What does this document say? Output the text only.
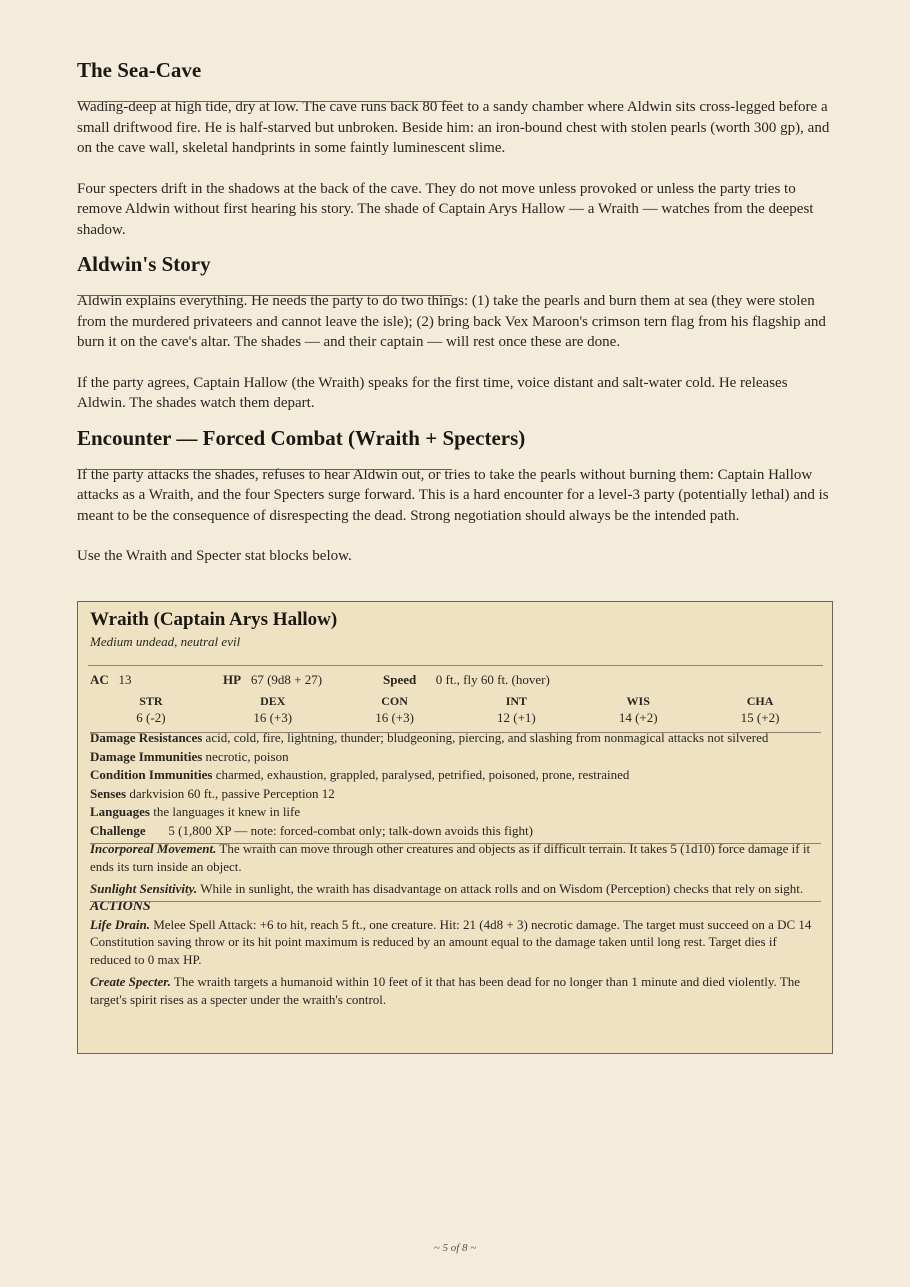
The Sea-Cave

Wading-deep at high tide, dry at low. The cave runs back 80 feet to a sandy chamber where Aldwin sits cross-legged before a small driftwood fire. He is half-starved but unbroken. Beside him: an iron-bound chest with stolen pearls (worth 300 gp), and on the cave wall, skeletal handprints in some faintly luminescent slime.

Four specters drift in the shadows at the back of the cave. They do not move unless provoked or unless the party tries to remove Aldwin without first hearing his story. The shade of Captain Arys Hallow — a Wraith — watches from the deepest shadow.

Aldwin's Story

Aldwin explains everything. He needs the party to do two things: (1) take the pearls and burn them at sea (they were stolen from the murdered privateers and cannot leave the isle); (2) bring back Vex Maroon's crimson tern flag from his flagship and burn it on the cave's altar. The shades — and their captain — will rest once these are done.

If the party agrees, Captain Hallow (the Wraith) speaks for the first time, voice distant and salt-water cold. He releases Aldwin. The shades watch them depart.

Encounter — Forced Combat (Wraith + Specters)

If the party attacks the shades, refuses to hear Aldwin out, or tries to take the pearls without burning them: Captain Hallow attacks as a Wraith, and the four Specters surge forward. This is a hard encounter for a level-3 party (potentially lethal) and is meant to be the consequence of disrespecting the dead. Strong negotiation should always be the intended path.

Use the Wraith and Specter stat blocks below.

Wraith (Captain Arys Hallow)

Medium undead, neutral evil

AC 13	HP 67 (9d8 + 27)	Speed 0 ft., fly 60 ft. (hover)
STR
6 (-2)
DEX
16 (+3)
CON
16 (+3)
INT
12 (+1)
WIS
14 (+2)
CHA
15 (+2)
Damage Resistances acid, cold, fire, lightning, thunder; bludgeoning, piercing, and slashing from nonmagical attacks not silvered
Damage Immunities necrotic, poison
Condition Immunities charmed, exhaustion, grappled, paralysed, petrified, poisoned, prone, restrained
Senses darkvision 60 ft., passive Perception 12
Languages the languages it knew in life
Challenge 5 (1,800 XP — note: forced-combat only; talk-down avoids this fight)

Incorporeal Movement. The wraith can move through other creatures and objects as if difficult terrain. It takes 5 (1d10) force damage if it ends its turn inside an object.

Sunlight Sensitivity. While in sunlight, the wraith has disadvantage on attack rolls and on Wisdom (Perception) checks that rely on sight.

ACTIONS

Life Drain. Melee Spell Attack: +6 to hit, reach 5 ft., one creature. Hit: 21 (4d8 + 3) necrotic damage. The target must succeed on a DC 14 Constitution saving throw or its hit point maximum is reduced by an amount equal to the damage taken until long rest. Target dies if reduced to 0 max HP.

Create Specter. The wraith targets a humanoid within 10 feet of it that has been dead for no longer than 1 minute and died violently. The target's spirit rises as a specter under the wraith's control.

~ 5 of 8 ~
